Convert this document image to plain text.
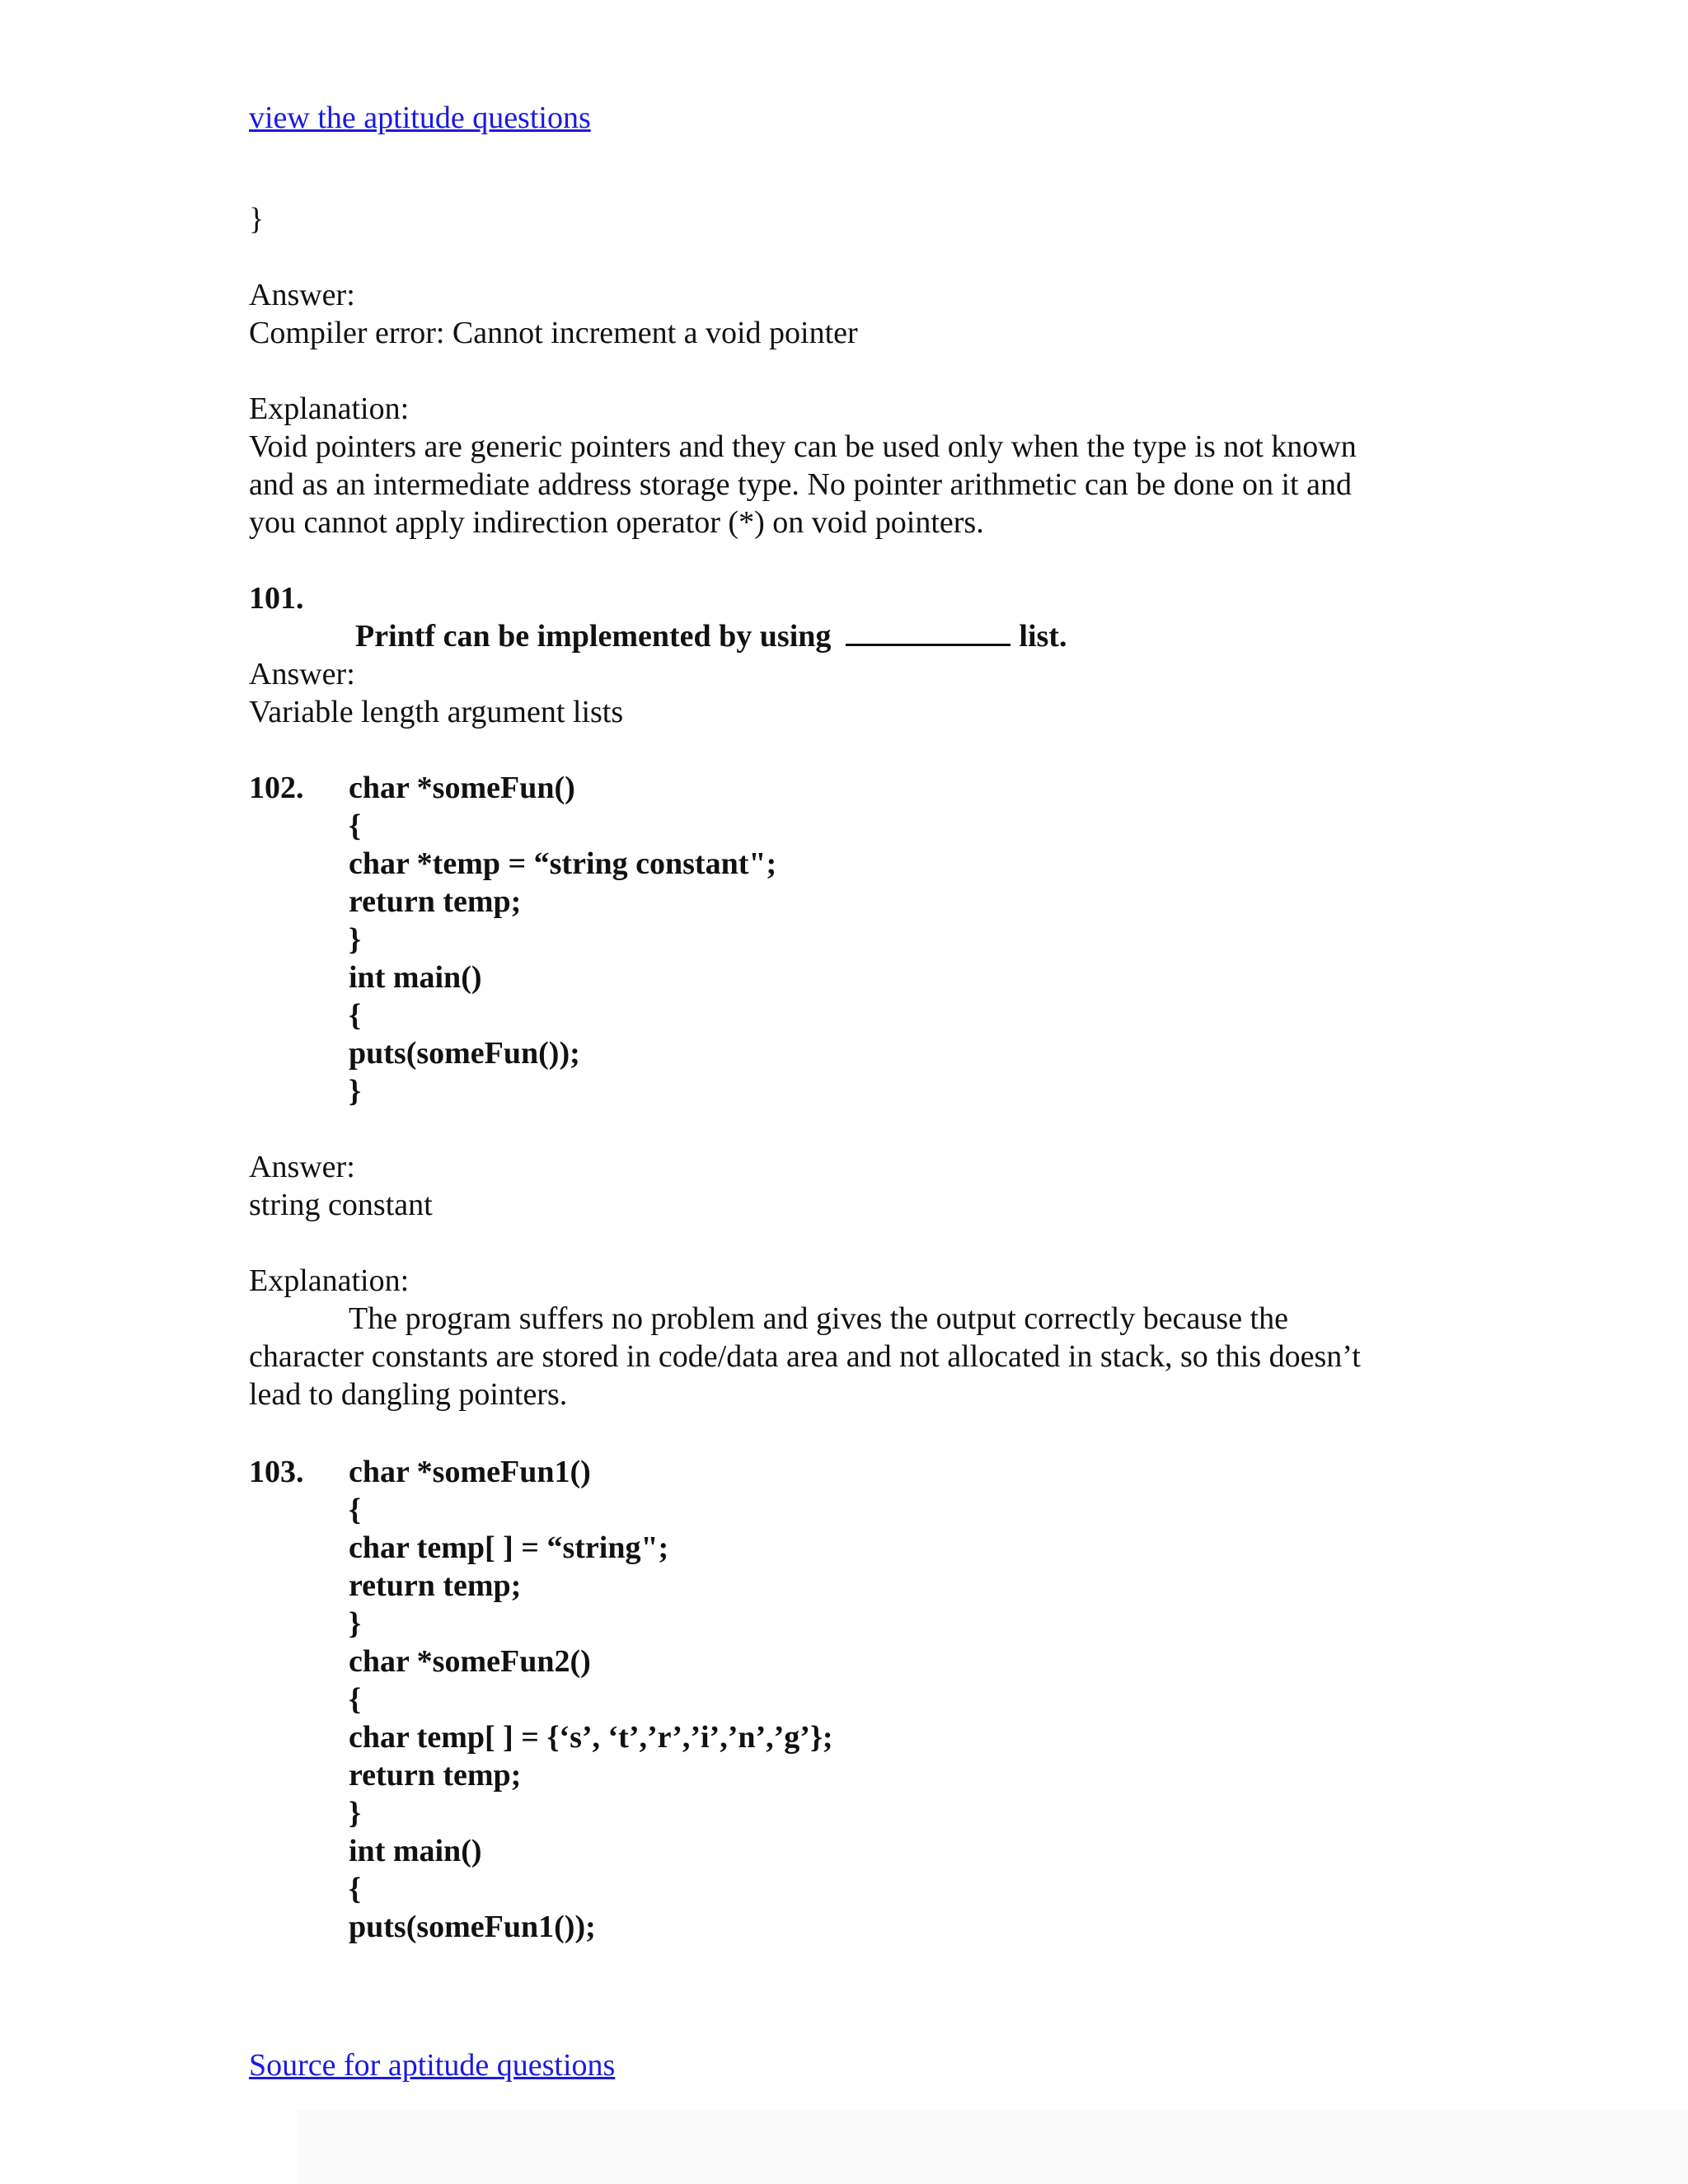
view the aptitude questions
}
Answer:
Compiler error: Cannot increment a void pointer
Explanation:
Void pointers are generic pointers and they can be used only when the type is not known
and as an intermediate address storage type. No pointer arithmetic can be done on it and
you cannot apply indirection operator (*) on void pointers.
101.

Printf can be implemented by using	list.

Answer:
Variable length argument lists
102. char *someFun()
{
char *temp = “string constant";
return temp;
}
int main()
{
puts(someFun());
}
Answer:
string constant
Explanation:
The program suffers no problem and gives the output correctly because the
character constants are stored in code/data area and not allocated in stack, so this doesn’t
lead to dangling pointers.
103. char *someFun1()
{
char temp[ ] = “string";
return temp;
}
char *someFun2()
{
char temp[ ] = {‘s’, ‘t’,’r’,’i’,’n’,’g’};
return temp;
}
int main()
{
puts(someFun1());
Source for aptitude questions
